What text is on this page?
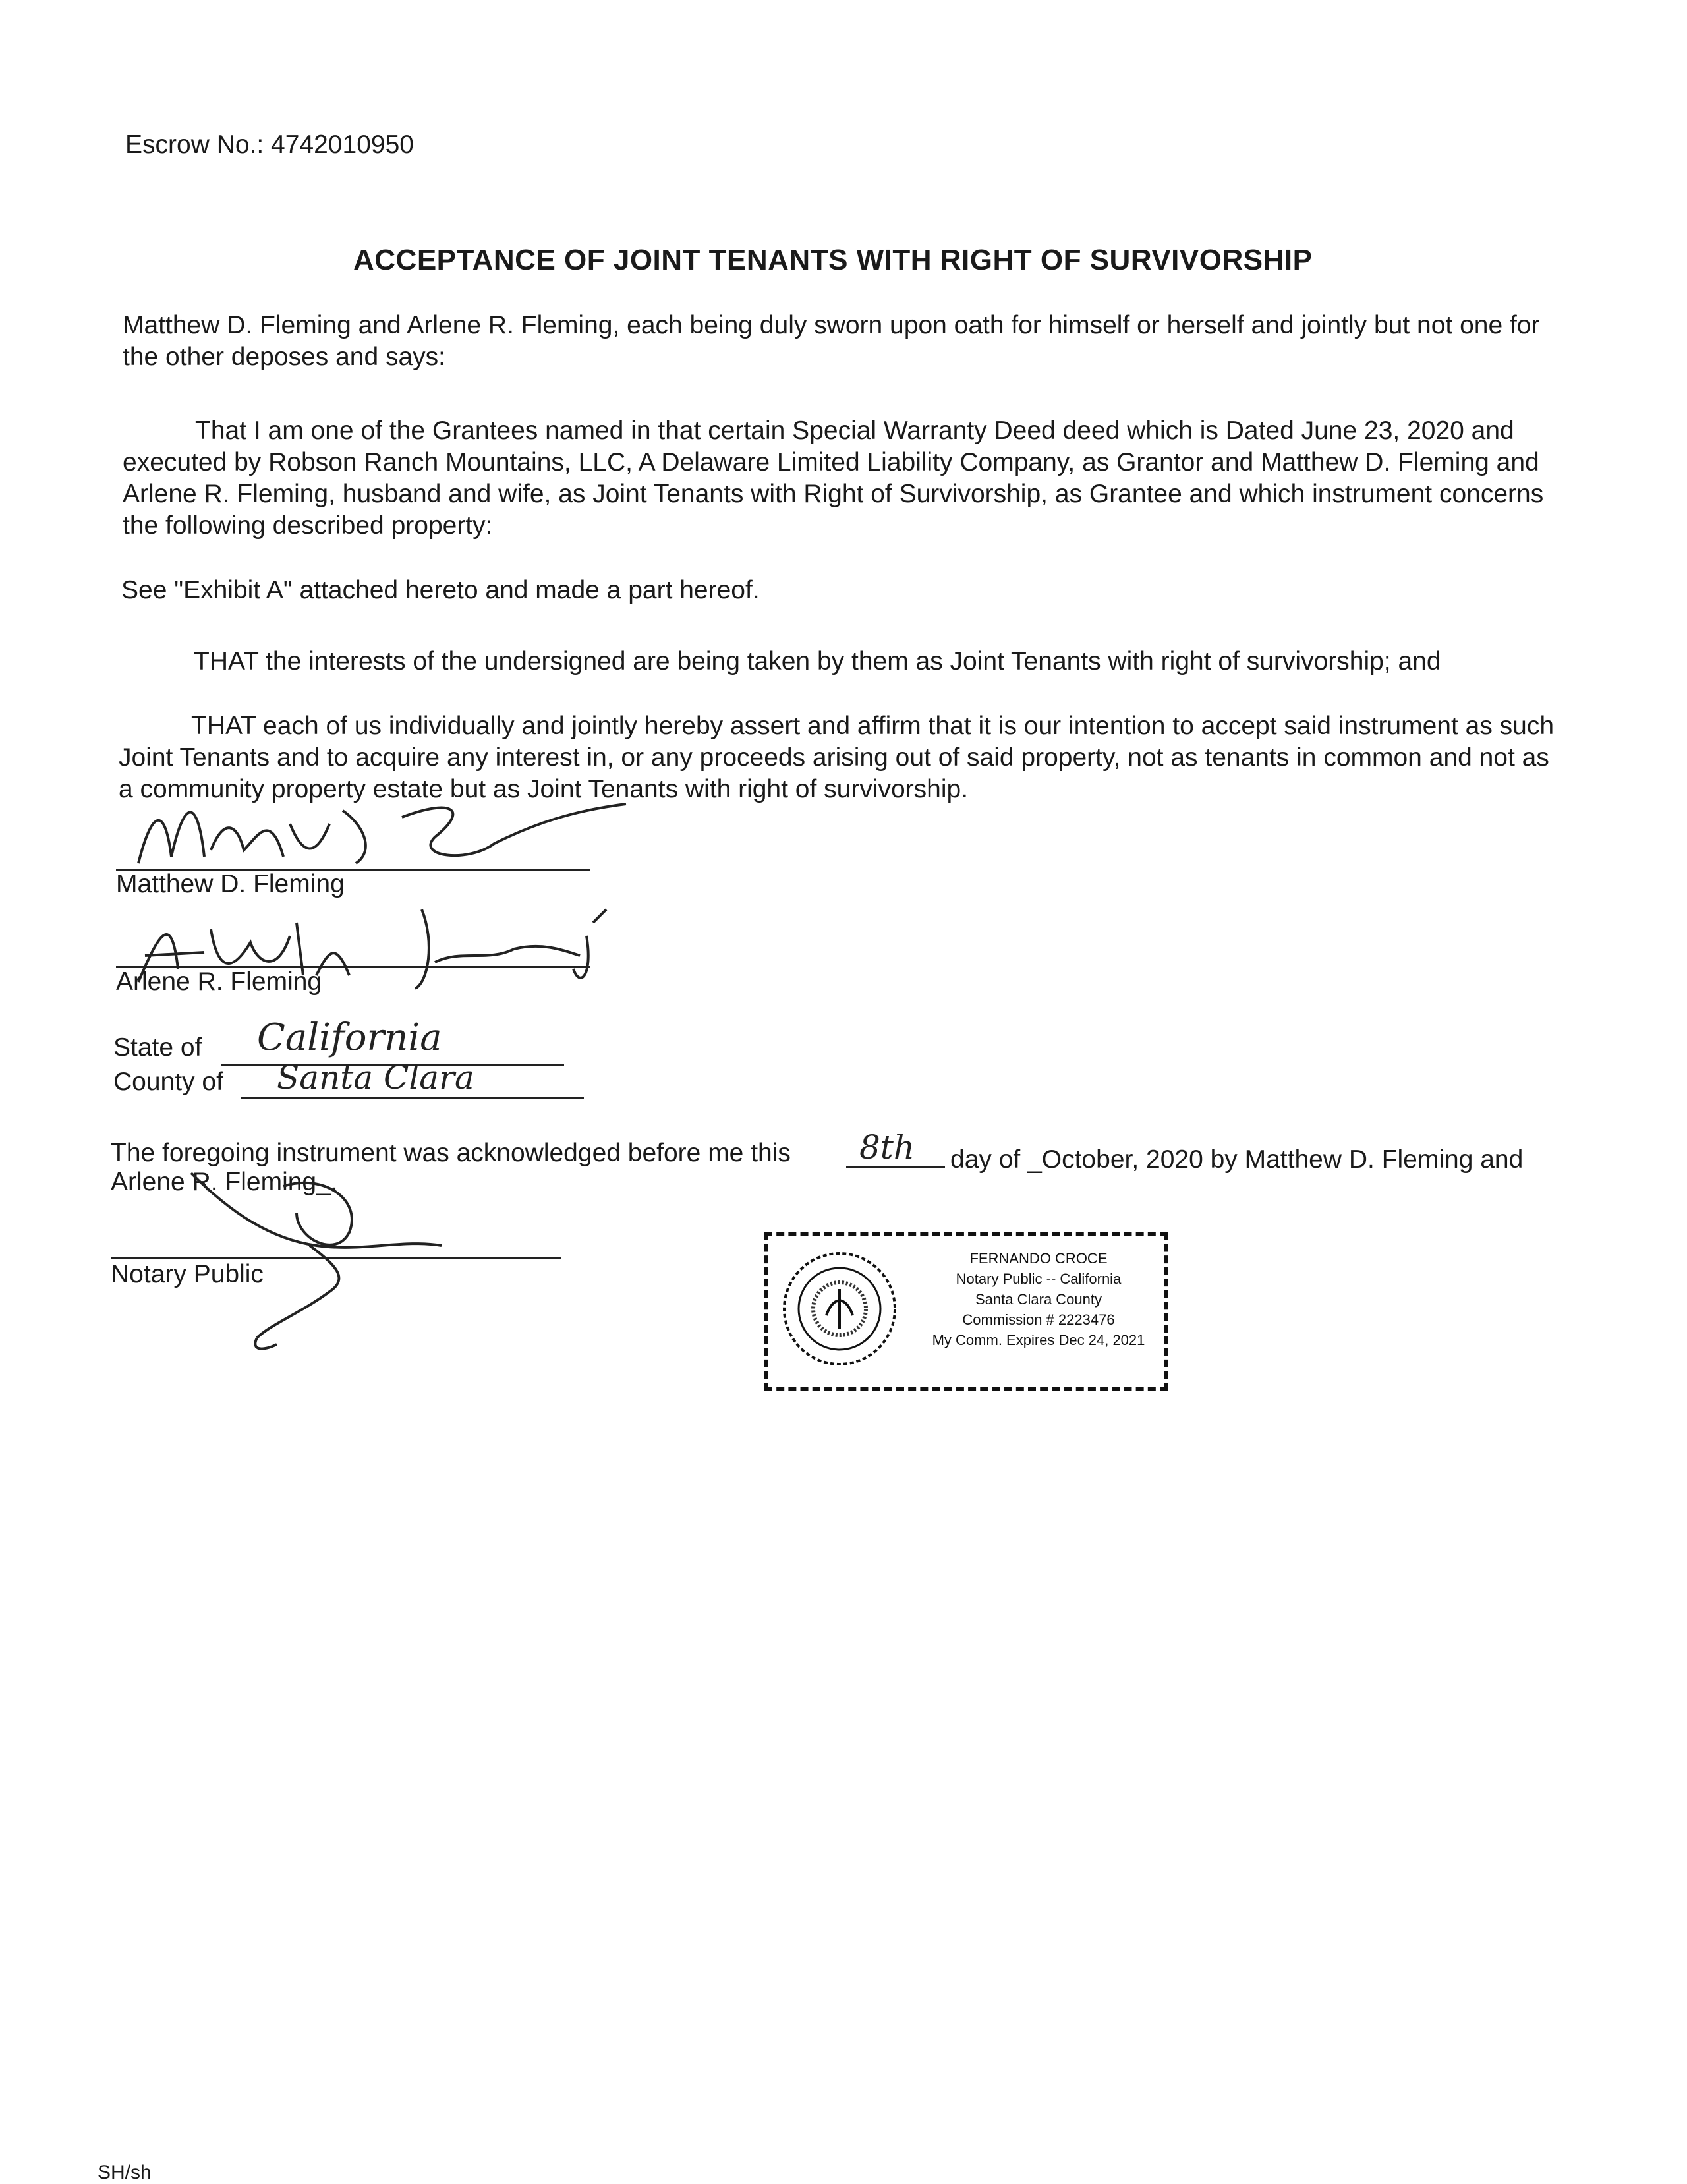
Escrow No.: 4742010950
ACCEPTANCE OF JOINT TENANTS WITH RIGHT OF SURVIVORSHIP
Matthew D. Fleming and Arlene R. Fleming, each being duly sworn upon oath for himself or herself and jointly but not one for the other deposes and says:
That I am one of the Grantees named in that certain Special Warranty Deed deed which is Dated June 23, 2020 and executed by Robson Ranch Mountains, LLC, A Delaware Limited Liability Company, as Grantor and Matthew D. Fleming and Arlene R. Fleming, husband and wife, as Joint Tenants with Right of Survivorship, as Grantee and which instrument concerns the following described property:
See "Exhibit A" attached hereto and made a part hereof.
THAT the interests of the undersigned are being taken by them as Joint Tenants with right of survivorship; and
THAT each of us individually and jointly hereby assert and affirm that it is our intention to accept said instrument as such Joint Tenants and to acquire any interest in, or any proceeds arising out of said property, not as tenants in common and not as a community property estate but as Joint Tenants with right of survivorship.
Matthew D. Fleming
Arlene R. Fleming
State of California
County of Santa Clara
The foregoing instrument was acknowledged before me this 8th day of _October, 2020 by Matthew D. Fleming and
Arlene R. Fleming_.
Notary Public
FERNANDO CROCE
Notary Public -- California
Santa Clara County
Commission # 2223476
My Comm. Expires Dec 24, 2021
SH/sh
